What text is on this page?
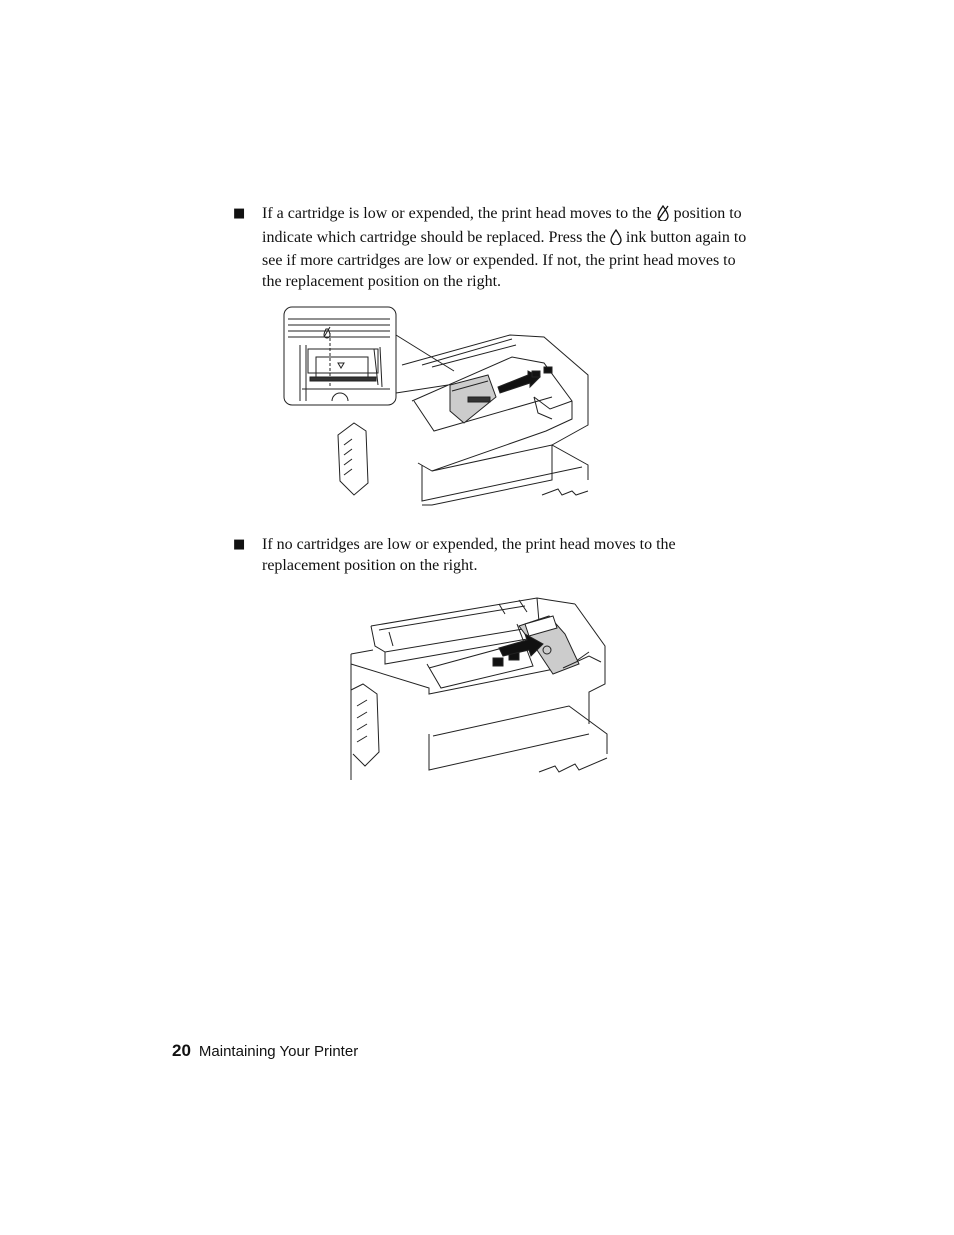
■ If a cartridge is low or expended, the print head moves to the position to indicate which cartridge should be replaced. Press the ink button again to see if more cartridges are low or expended. If not, the print head moves to the replacement position on the right.
■ If no cartridges are low or expended, the print head moves to the replacement position on the right.
20 Maintaining Your Printer
